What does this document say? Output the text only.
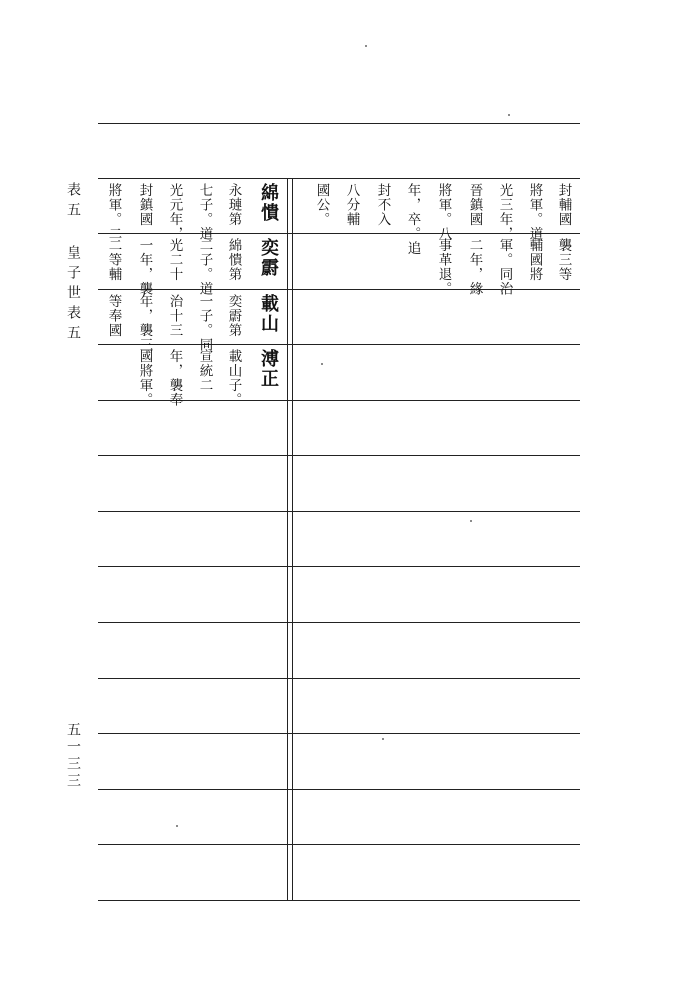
表五
皇子世表五
五一三三
綿憒
永璉第
七子。道
光元年，
封鎮國
將軍。二	封輔國
將軍。道
光三年，
晉鎮國
將軍。八
年，卒。追
封不入
八分輔
國公。
襲三等
輔國將
軍。同治
二年，緣
事革退。
奕霨
綿憒第
二子。道
光二十
一年，襲
二等輔
載山
奕霨第
一子。同
治十三
年，襲三
等奉國
溥正
載山子。
宣統二
年，襲奉
國將軍。
